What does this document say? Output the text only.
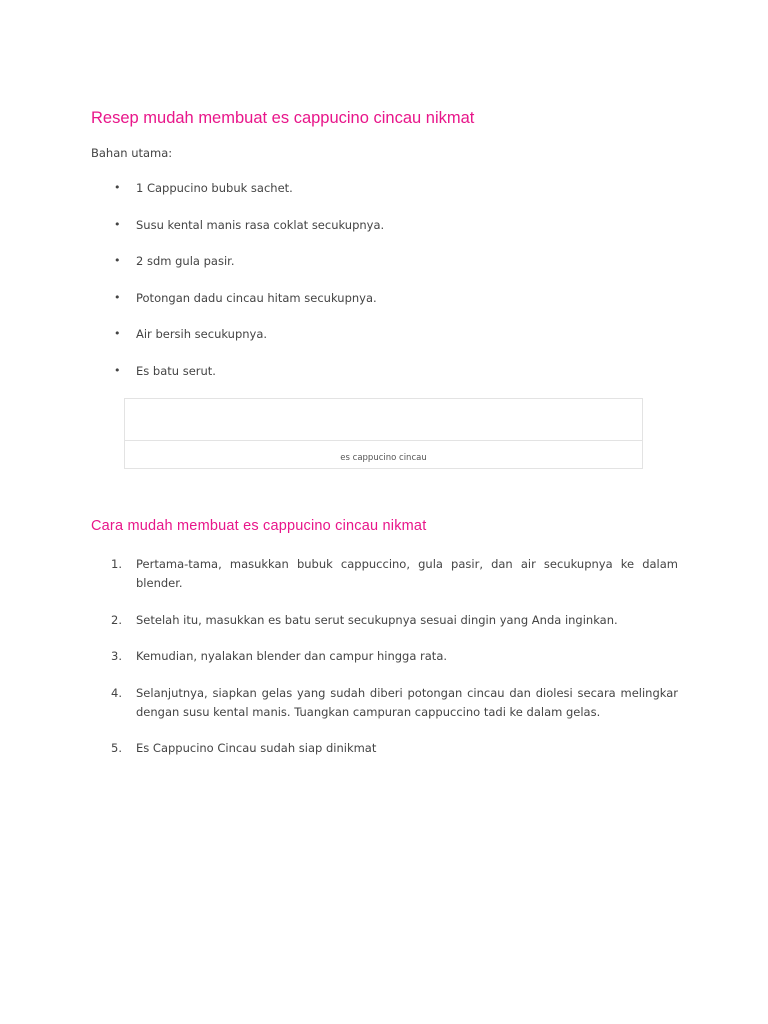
Resep mudah membuat es cappucino cincau nikmat

Bahan utama:

• 1 Cappucino bubuk sachet.
• Susu kental manis rasa coklat secukupnya.
• 2 sdm gula pasir.
• Potongan dadu cincau hitam secukupnya.
• Air bersih secukupnya.
• Es batu serut.
es cappucino cincau
Cara mudah membuat es cappucino cincau nikmat
1. Pertama-tama, masukkan bubuk cappuccino, gula pasir, dan air secukupnya ke dalam blender.
2. Setelah itu, masukkan es batu serut secukupnya sesuai dingin yang Anda inginkan.
3. Kemudian, nyalakan blender dan campur hingga rata.
4. Selanjutnya, siapkan gelas yang sudah diberi potongan cincau dan diolesi secara melingkar dengan susu kental manis. Tuangkan campuran cappuccino tadi ke dalam gelas.
5. Es Cappucino Cincau sudah siap dinikmat
